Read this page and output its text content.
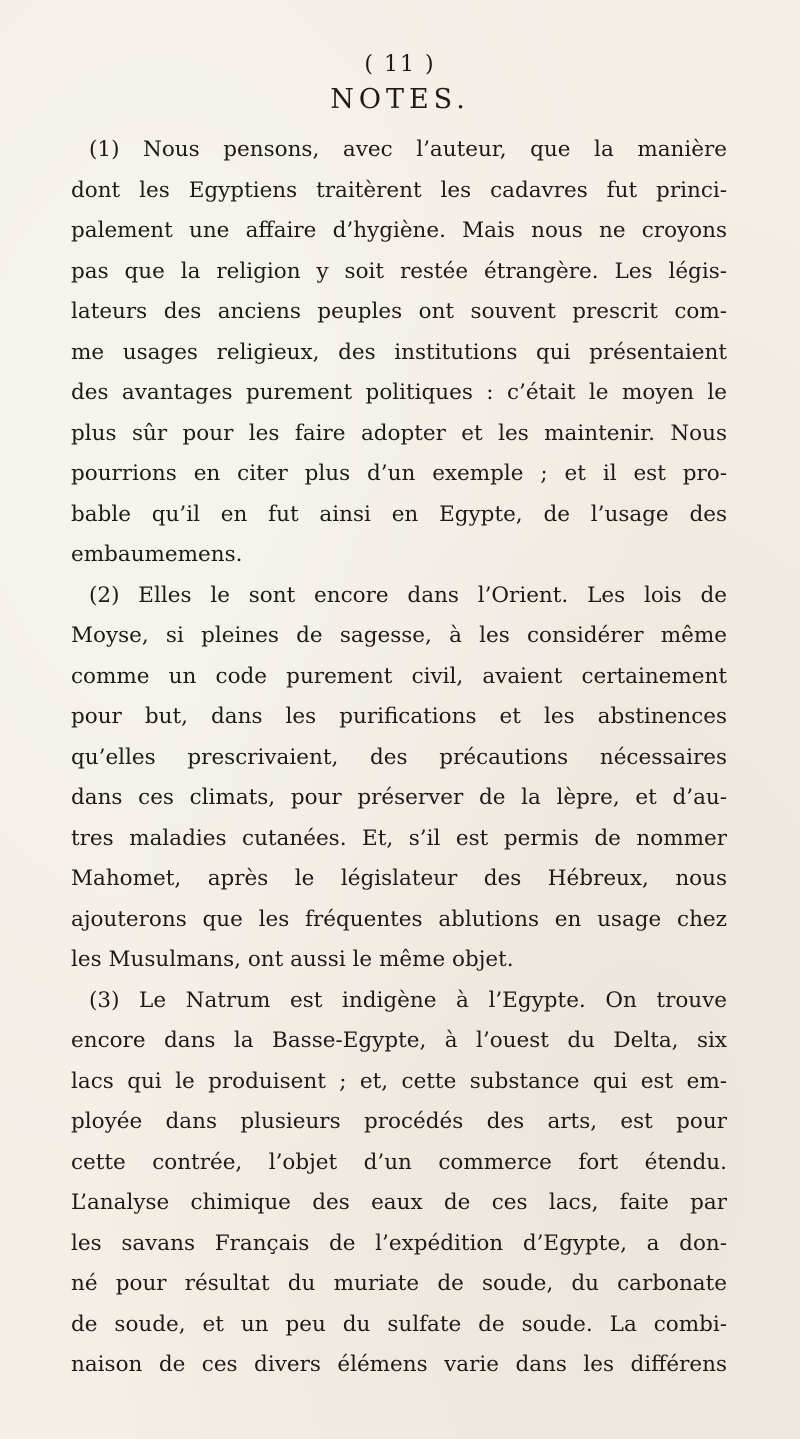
( 11 )
NOTES.
(1) Nous pensons, avec l’auteur, que la manière
dont les Egyptiens traitèrent les cadavres fut princi-
palement une affaire d’hygiène. Mais nous ne croyons
pas que la religion y soit restée étrangère. Les légis-
lateurs des anciens peuples ont souvent prescrit com-
me usages religieux, des institutions qui présentaient
des avantages purement politiques : c’était le moyen le
plus sûr pour les faire adopter et les maintenir. Nous
pourrions en citer plus d’un exemple ; et il est pro-
bable qu’il en fut ainsi en Egypte, de l’usage des
embaumemens.
(2) Elles le sont encore dans l’Orient. Les lois de
Moyse, si pleines de sagesse, à les considérer même
comme un code purement civil, avaient certainement
pour but, dans les purifications et les abstinences
qu’elles prescrivaient, des précautions nécessaires
dans ces climats, pour préserver de la lèpre, et d’au-
tres maladies cutanées. Et, s’il est permis de nommer
Mahomet, après le législateur des Hébreux, nous
ajouterons que les fréquentes ablutions en usage chez
les Musulmans, ont aussi le même objet.
(3) Le Natrum est indigène à l’Egypte. On trouve
encore dans la Basse-Egypte, à l’ouest du Delta, six
lacs qui le produisent ; et, cette substance qui est em-
ployée dans plusieurs procédés des arts, est pour
cette contrée, l’objet d’un commerce fort étendu.
L’analyse chimique des eaux de ces lacs, faite par
les savans Français de l’expédition d’Egypte, a don-
né pour résultat du muriate de soude, du carbonate
de soude, et un peu du sulfate de soude. La combi-
naison de ces divers élémens varie dans les différens
